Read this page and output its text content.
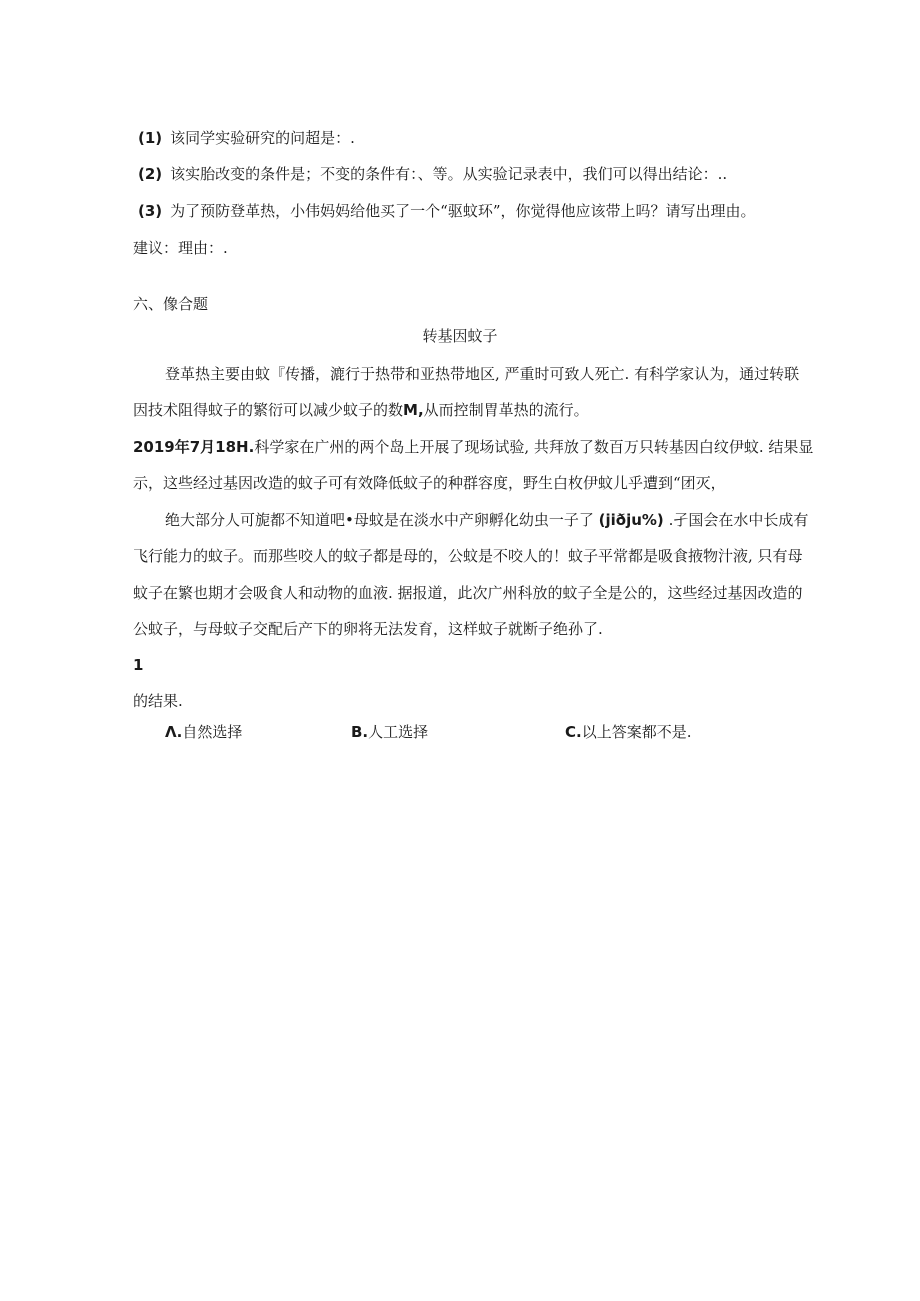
(1) 该同学实验研究的问超是：.
(2) 该实胎改变的条件是；不变的条件有：、等。从实验记录表中，我们可以得出结论：..
(3) 为了预防登革热，小伟妈妈给他买了一个“驱蚊环”，你觉得他应该带上吗？请写出理由。
建议：理由：.
六、像合题
转基因蚊子
登革热主要由蚊『传播，漉行于热带和亚热带地区, 严重时可致人死亡. 有科学家认为，通过转联
因技术阻得蚊子的繁衍可以减少蚊子的数M,从而控制胃革热的流行。
2019年7月18H.科学家在广州的两个岛上开展了现场试验, 共拜放了数百万只转基因白纹伊蚊. 结果显
示，这些经过基因改造的蚊子可有效降低蚊子的种群容度，野生白枚伊蚊儿乎遭到“团灭，
绝大部分人可旎都不知道吧•母蚊是在淡水中产卵孵化幼虫一子了 (jiðju%) .孑国会在水中长成有
飞行能力的蚊子。而那些咬人的蚊子都是母的，公蚊是不咬人的！蚊子平常都是吸食掖物汁液, 只有母
蚊子在繁也期才会吸食人和动物的血液. 据报道，此次广州科放的蚊子全是公的，这些经过基因改造的
公蚊子，与母蚊子交配后产下的卵将无法发育，这样蚊子就断子绝孙了.
1
的结果.
Λ.自然选择	B.人工选择	C.以上答案都不是.
